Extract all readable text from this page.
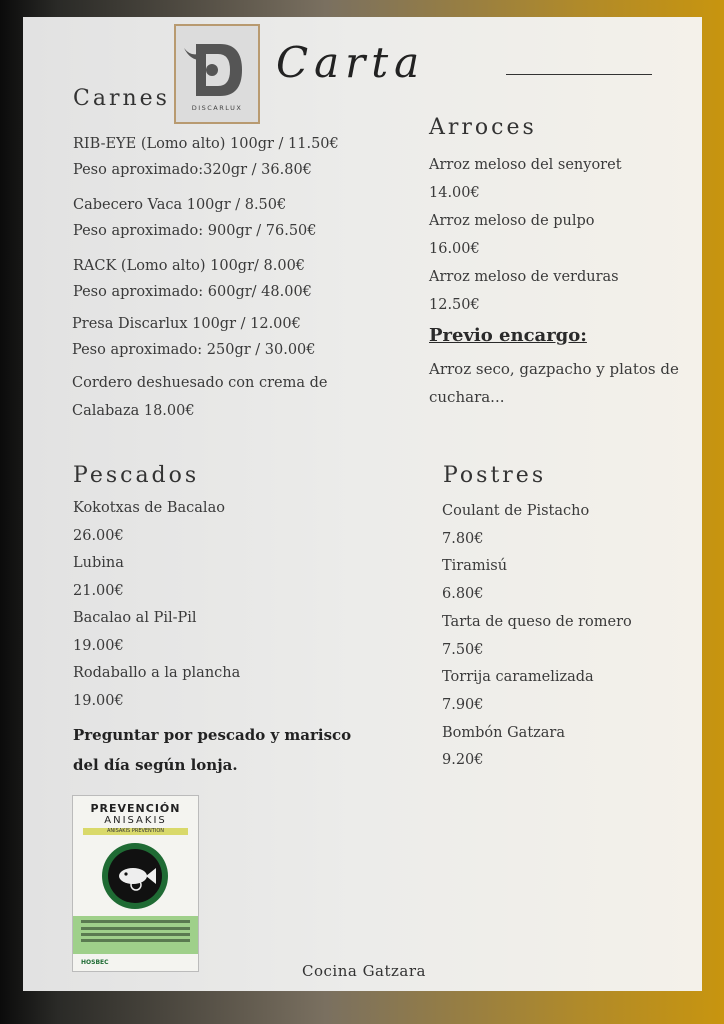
DISCARLUX
Carta
Carnes
RIB-EYE (Lomo alto) 100gr / 11.50€
Peso aproximado:320gr / 36.80€
Cabecero Vaca 100gr / 8.50€
Peso aproximado: 900gr / 76.50€
RACK (Lomo alto) 100gr/ 8.00€
Peso aproximado: 600gr/ 48.00€
Presa Discarlux 100gr / 12.00€
Peso aproximado: 250gr / 30.00€
Cordero deshuesado con crema de
Calabaza 18.00€
Arroces
Arroz meloso del senyoret
14.00€
Arroz meloso de pulpo
16.00€
Arroz meloso de verduras
12.50€
Previo encargo:
Arroz seco, gazpacho y platos de
cuchara...
Pescados
Kokotxas de Bacalao
26.00€
Lubina
21.00€
Bacalao al Pil-Pil
19.00€
Rodaballo a la plancha
19.00€
Preguntar por pescado y marisco
del día según lonja.
Postres
Coulant de Pistacho
7.80€
Tiramisú
6.80€
Tarta de queso de romero
7.50€
Torrija caramelizada
7.90€
Bombón Gatzara
9.20€
PREVENCIÓN
ANISAKIS
ANISAKIS PREVENTION
HOSBEC	Cocina Gatzara
